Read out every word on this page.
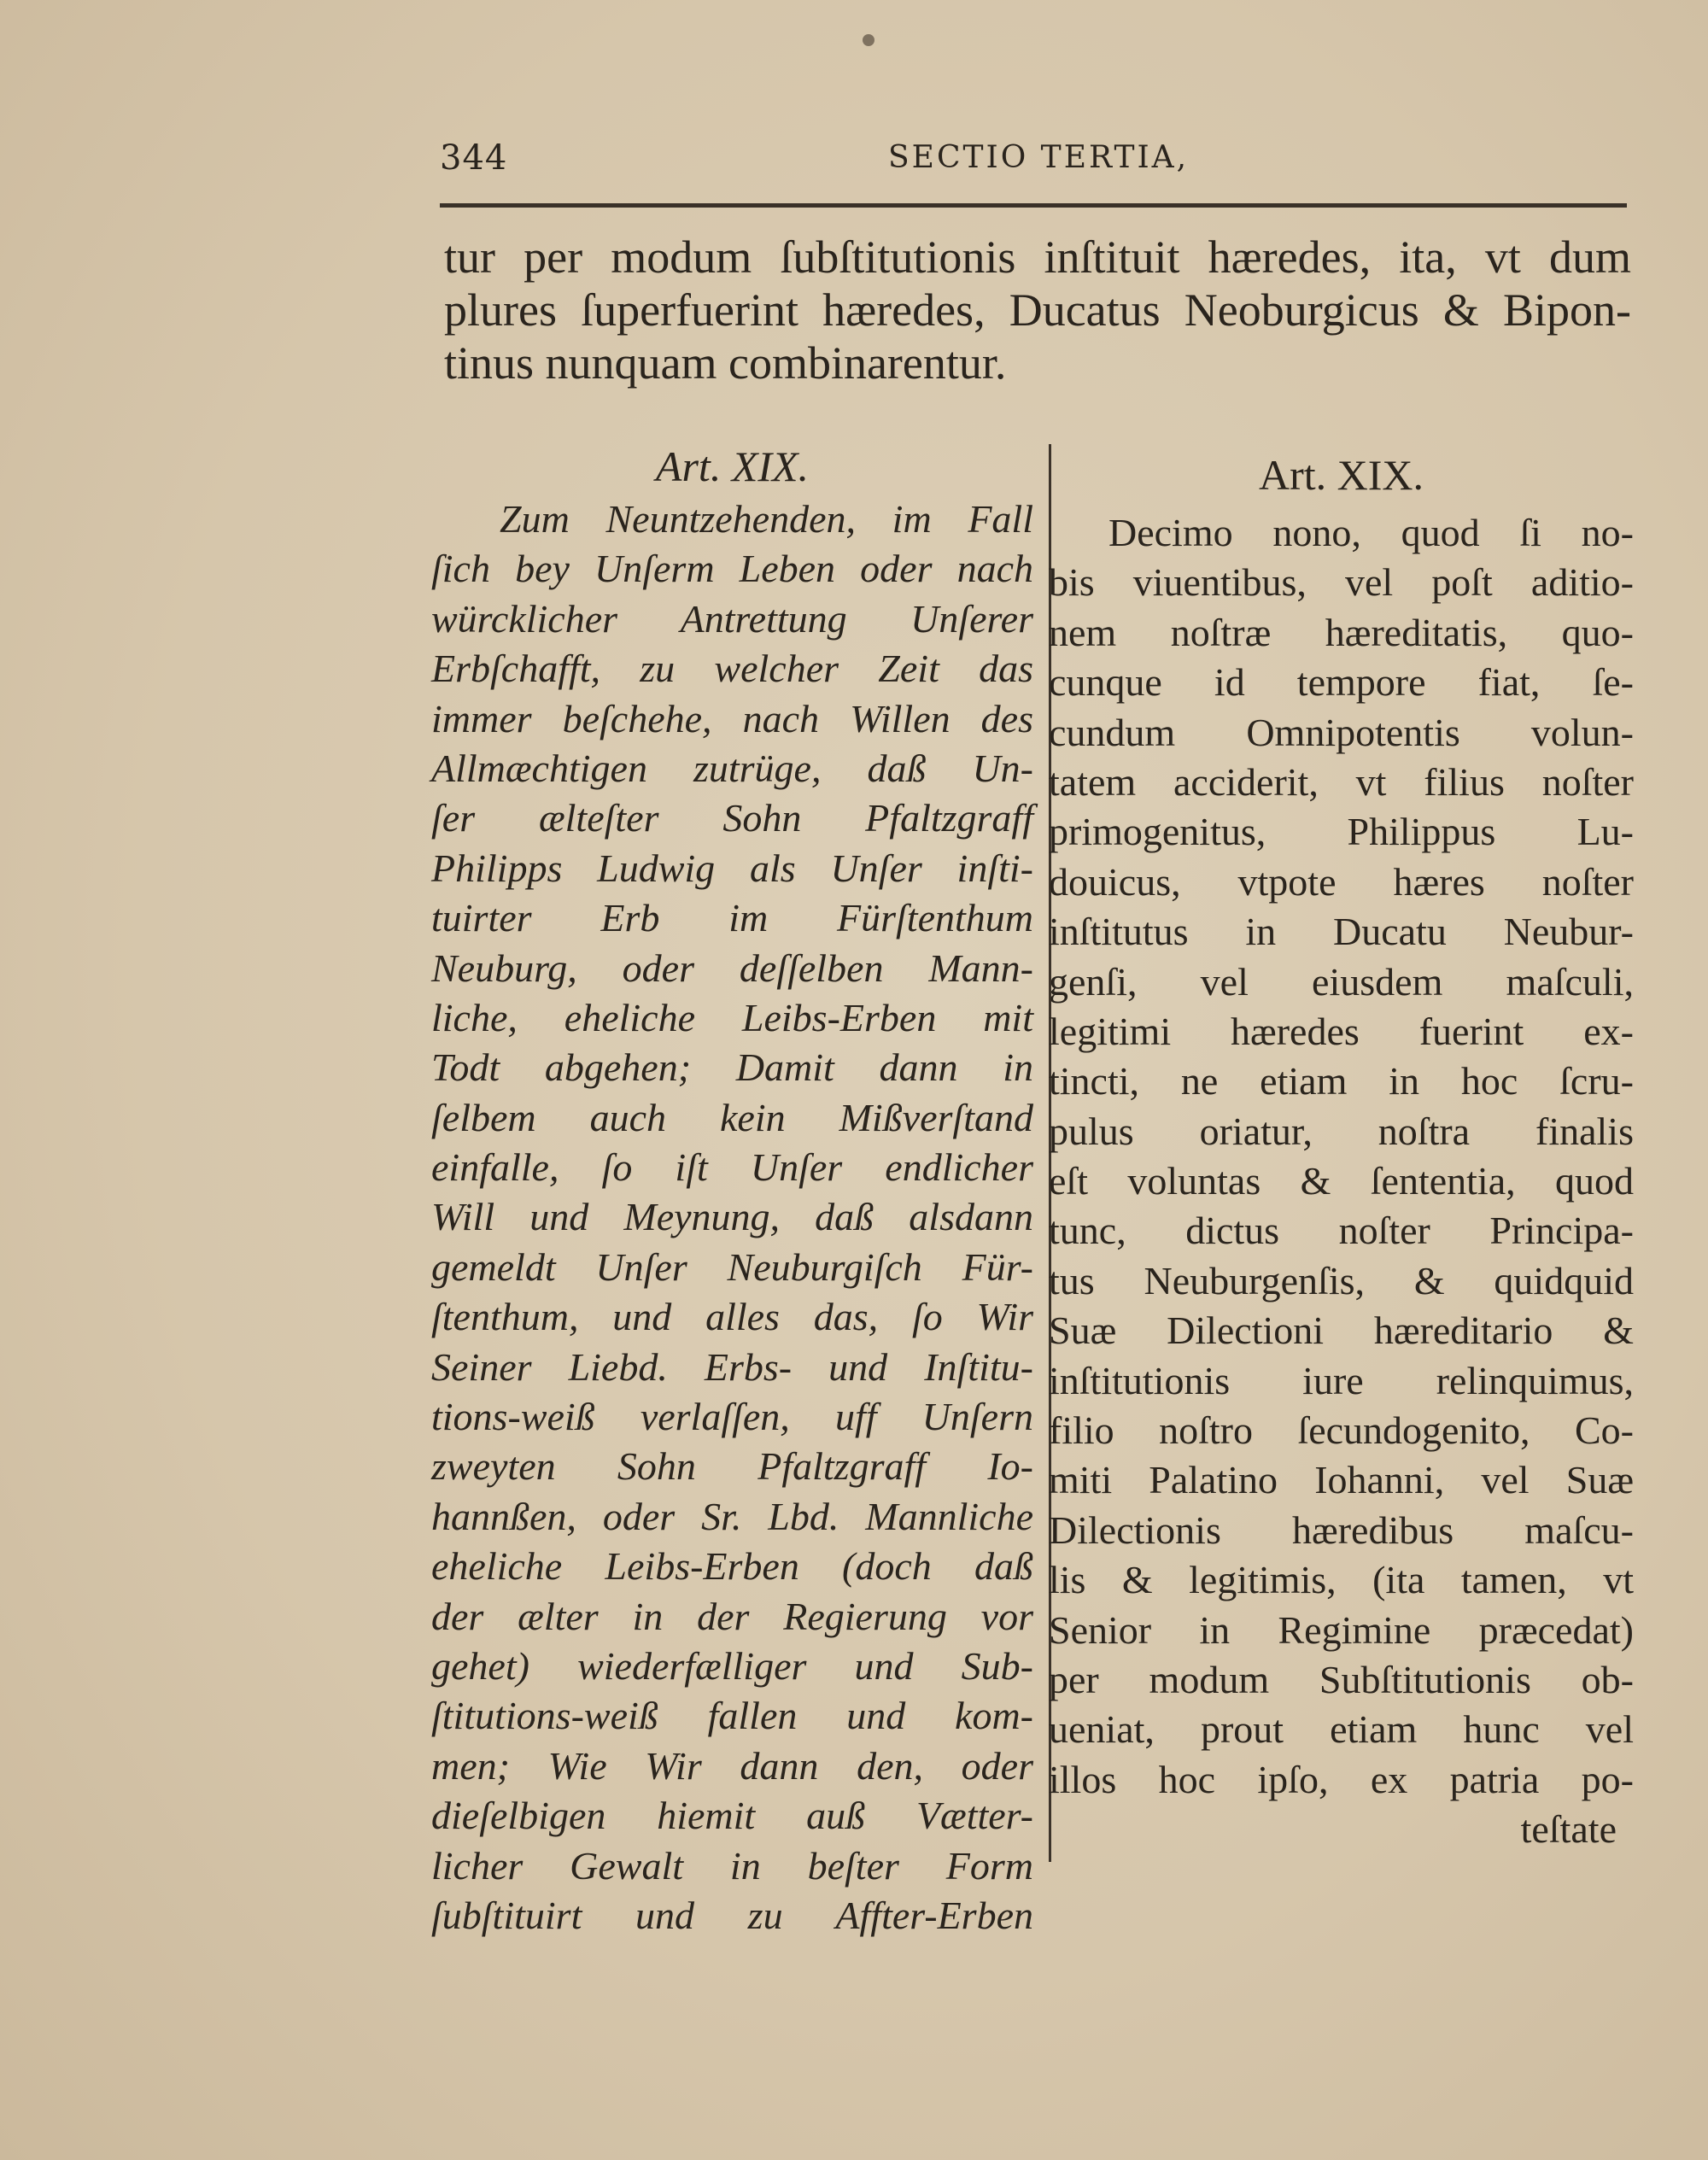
344	SECTIO TERTIA,
tur per modum ſubſtitutionis inſtituit hæredes, ita, vt dum
plures ſuperfuerint hæredes, Ducatus Neoburgicus & Bipon-
tinus nunquam combinarentur.
Art. XIX.
Zum Neuntzehenden, im Fall
ſich bey Unſerm Leben oder nach
würcklicher Antrettung Unſerer
Erbſchafft, zu welcher Zeit das
immer beſchehe, nach Willen des
Allmæchtigen zutrüge, daß Un-
ſer ælteſter Sohn Pfaltzgraff
Philipps Ludwig als Unſer inſti-
tuirter Erb im Fürſtenthum
Neuburg, oder deſſelben Mann-
liche, eheliche Leibs-Erben mit
Todt abgehen; Damit dann in
ſelbem auch kein Mißverſtand
einfalle, ſo iſt Unſer endlicher
Will und Meynung, daß alsdann
gemeldt Unſer Neuburgiſch Für-
ſtenthum, und alles das, ſo Wir
Seiner Liebd. Erbs- und Inſtitu-
tions-weiß verlaſſen, uff Unſern
zweyten Sohn Pfaltzgraff Io-
hannßen, oder Sr. Lbd. Mannliche
eheliche Leibs-Erben (doch daß
der ælter in der Regierung vor
gehet) wiederfælliger und Sub-
ſtitutions-weiß fallen und kom-
men; Wie Wir dann den, oder
dieſelbigen hiemit auß Vætter-
licher Gewalt in beſter Form
ſubſtituirt und zu Affter-Erben
Art. XIX.
Decimo nono, quod ſi no-
bis viuentibus, vel poſt aditio-
nem noſtræ hæreditatis, quo-
cunque id tempore fiat, ſe-
cundum Omnipotentis volun-
tatem acciderit, vt filius noſter
primogenitus, Philippus Lu-
douicus, vtpote hæres noſter
inſtitutus in Ducatu Neubur-
genſi, vel eiusdem maſculi,
legitimi hæredes fuerint ex-
tincti, ne etiam in hoc ſcru-
pulus oriatur, noſtra finalis
eſt voluntas & ſententia, quod
tunc, dictus noſter Principa-
tus Neuburgenſis, & quidquid
Suæ Dilectioni hæreditario &
inſtitutionis iure relinquimus,
filio noſtro ſecundogenito, Co-
miti Palatino Iohanni, vel Suæ
Dilectionis hæredibus maſcu-
lis & legitimis, (ita tamen, vt
Senior in Regimine præcedat)
per modum Subſtitutionis ob-
ueniat, prout etiam hunc vel
illos hoc ipſo, ex patria po-
teſtate
